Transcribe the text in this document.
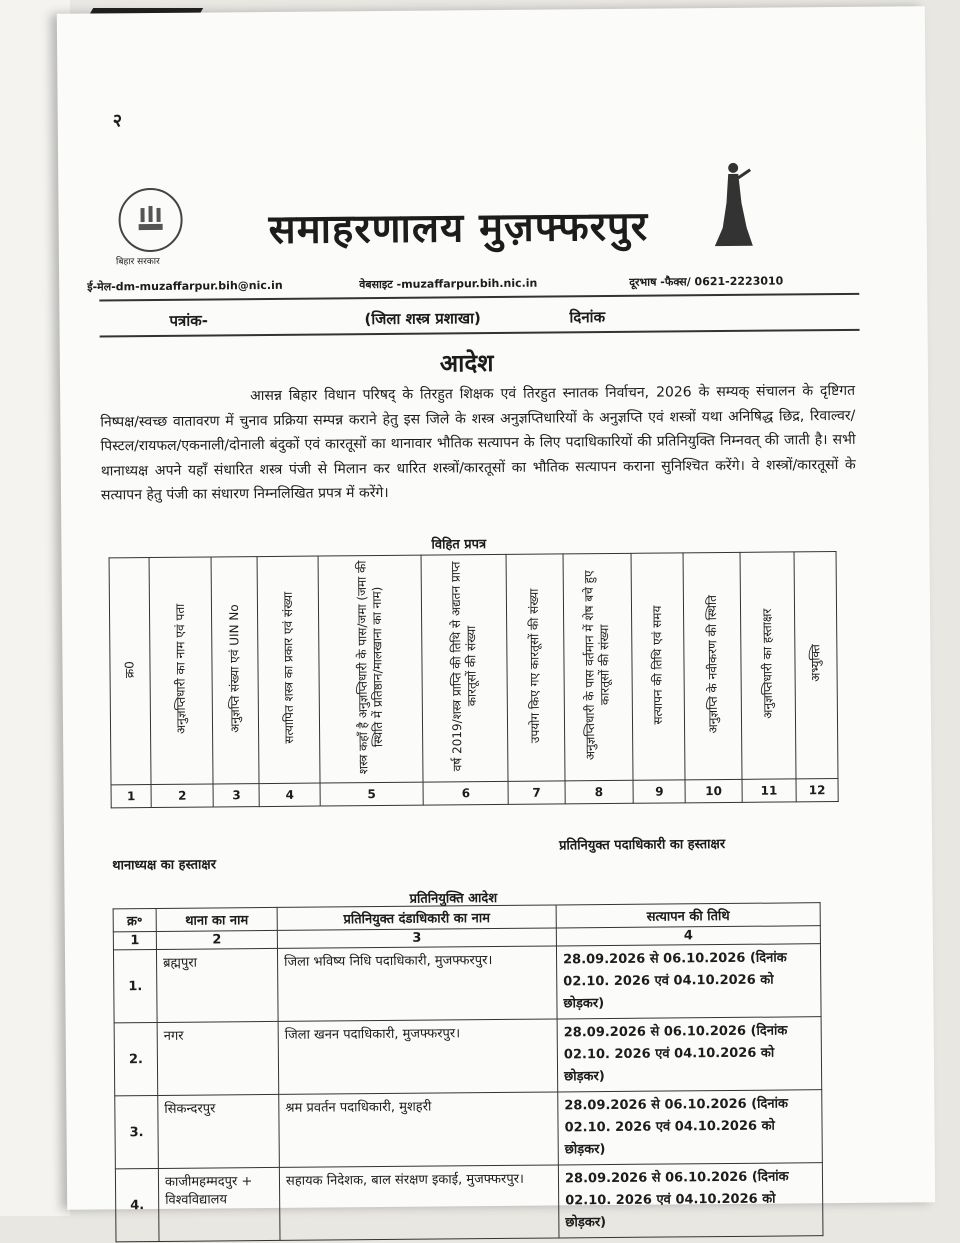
२
बिहार सरकार
समाहरणालय मुज़फ्फरपुर
ई-मेल-dm-muzaffarpur.bih@nic.in	वेबसाइट -muzaffarpur.bih.nic.in	दूरभाष -फैक्स/ 0621-2223010
पत्रांक-	(जिला शस्त्र प्रशाखा)	दिनांक
आदेश
आसन्न बिहार विधान परिषद् के तिरहुत शिक्षक एवं तिरहुत स्नातक निर्वाचन, 2026 के सम्यक् संचालन के दृष्टिगत निष्पक्ष/स्वच्छ वातावरण में चुनाव प्रक्रिया सम्पन्न कराने हेतु इस जिले के शस्त्र अनुज्ञप्तिधारियों के अनुज्ञप्ति एवं शस्त्रों यथा अनिषिद्ध छिद्र, रिवाल्वर/पिस्टल/रायफल/एकनाली/दोनाली बंदुकों एवं कारतूसों का थानावार भौतिक सत्यापन के लिए पदाधिकारियों की प्रतिनियुक्ति निम्नवत् की जाती है। सभी थानाध्यक्ष अपने यहाँ संधारित शस्त्र पंजी से मिलान कर धारित शस्त्रों/कारतूसों का भौतिक सत्यापन कराना सुनिश्चित करेंगे। वे शस्त्रों/कारतूसों के सत्यापन हेतु पंजी का संधारण निम्नलिखित प्रपत्र में करेंगे।
विहित प्रपत्र
क्र0	अनुज्ञप्तिधारी का नाम एवं पता	अनुज्ञप्ति संख्या एवं UIN No	सत्यापित शस्त्र का प्रकार एवं संख्या	शस्त्र कहाँ है अनुज्ञप्तिधारी के पास/जमा (जमा की स्थिति में प्रतिष्ठान/मालखाना का नाम)	वर्ष 2019/शस्त्र प्राप्ति की तिथि से अद्यतन प्राप्त कारतूसों की संख्या	उपयोग किए गए कारतूसों की संख्या	अनुज्ञप्तिधारी के पास वर्तमान में शेष बचे हुए कारतूसों की संख्या	सत्यापन की तिथि एवं समय	अनुज्ञप्ति के नवीकरण की स्थिति	अनुज्ञप्तिधारी का हस्ताक्षर	अभ्युक्ति
1	2	3	4	5	6	7	8	9	10	11	12
थानाध्यक्ष का हस्ताक्षर
प्रतिनियुक्त पदाधिकारी का हस्ताक्षर
प्रतिनियुक्ति आदेश
क्र॰	थाना का नाम	प्रतिनियुक्त दंडाधिकारी का नाम	सत्यापन की तिथि
1	2	3	4
1.	ब्रह्मपुरा	जिला भविष्य निधि पदाधिकारी, मुजफ्फरपुर।	28.09.2026 से 06.10.2026 (दिनांक 02.10. 2026 एवं 04.10.2026 को छोड़कर)
2.	नगर	जिला खनन पदाधिकारी, मुजफ्फरपुर।	28.09.2026 से 06.10.2026 (दिनांक 02.10. 2026 एवं 04.10.2026 को छोड़कर)
3.	सिकन्दरपुर	श्रम प्रवर्तन पदाधिकारी, मुशहरी	28.09.2026 से 06.10.2026 (दिनांक 02.10. 2026 एवं 04.10.2026 को छोड़कर)
4.	काजीमहम्मदपुर + विश्वविद्यालय	सहायक निदेशक, बाल संरक्षण इकाई, मुजफ्फरपुर।	28.09.2026 से 06.10.2026 (दिनांक 02.10. 2026 एवं 04.10.2026 को छोड़कर)
